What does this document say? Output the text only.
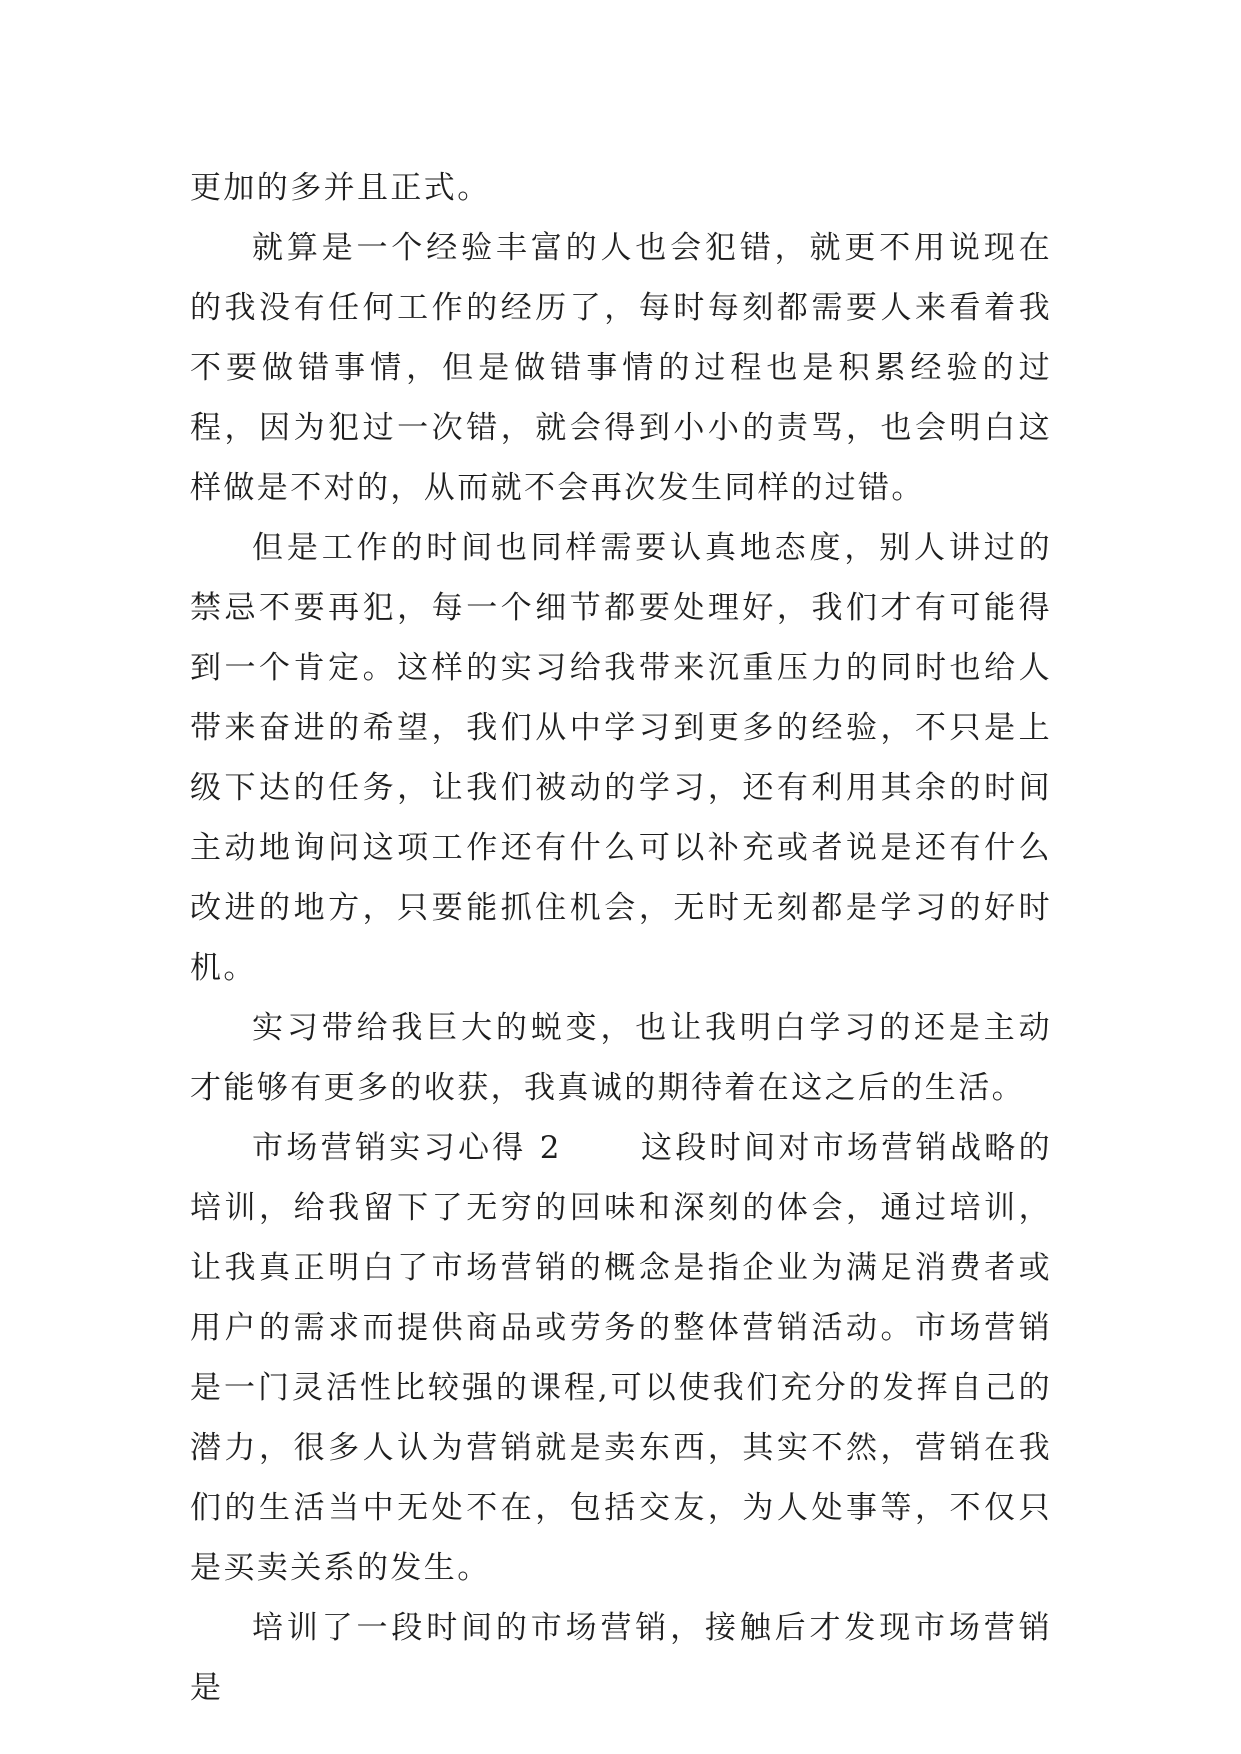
更加的多并且正式。

就算是一个经验丰富的人也会犯错，就更不用说现在的我没有任何工作的经历了，每时每刻都需要人来看着我不要做错事情，但是做错事情的过程也是积累经验的过程，因为犯过一次错，就会得到小小的责骂，也会明白这样做是不对的，从而就不会再次发生同样的过错。

但是工作的时间也同样需要认真地态度，别人讲过的禁忌不要再犯，每一个细节都要处理好，我们才有可能得到一个肯定。这样的实习给我带来沉重压力的同时也给人带来奋进的希望，我们从中学习到更多的经验，不只是上级下达的任务，让我们被动的学习，还有利用其余的时间主动地询问这项工作还有什么可以补充或者说是还有什么改进的地方，只要能抓住机会，无时无刻都是学习的好时机。

实习带给我巨大的蜕变，也让我明白学习的还是主动才能够有更多的收获，我真诚的期待着在这之后的生活。

市场营销实习心得 2	这段时间对市场营销战略的培训，给我留下了无穷的回味和深刻的体会，通过培训，让我真正明白了市场营销的概念是指企业为满足消费者或用户的需求而提供商品或劳务的整体营销活动。市场营销是一门灵活性比较强的课程,可以使我们充分的发挥自己的潜力，很多人认为营销就是卖东西，其实不然，营销在我们的生活当中无处不在，包括交友，为人处事等，不仅只是买卖关系的发生。

培训了一段时间的市场营销，接触后才发现市场营销是
